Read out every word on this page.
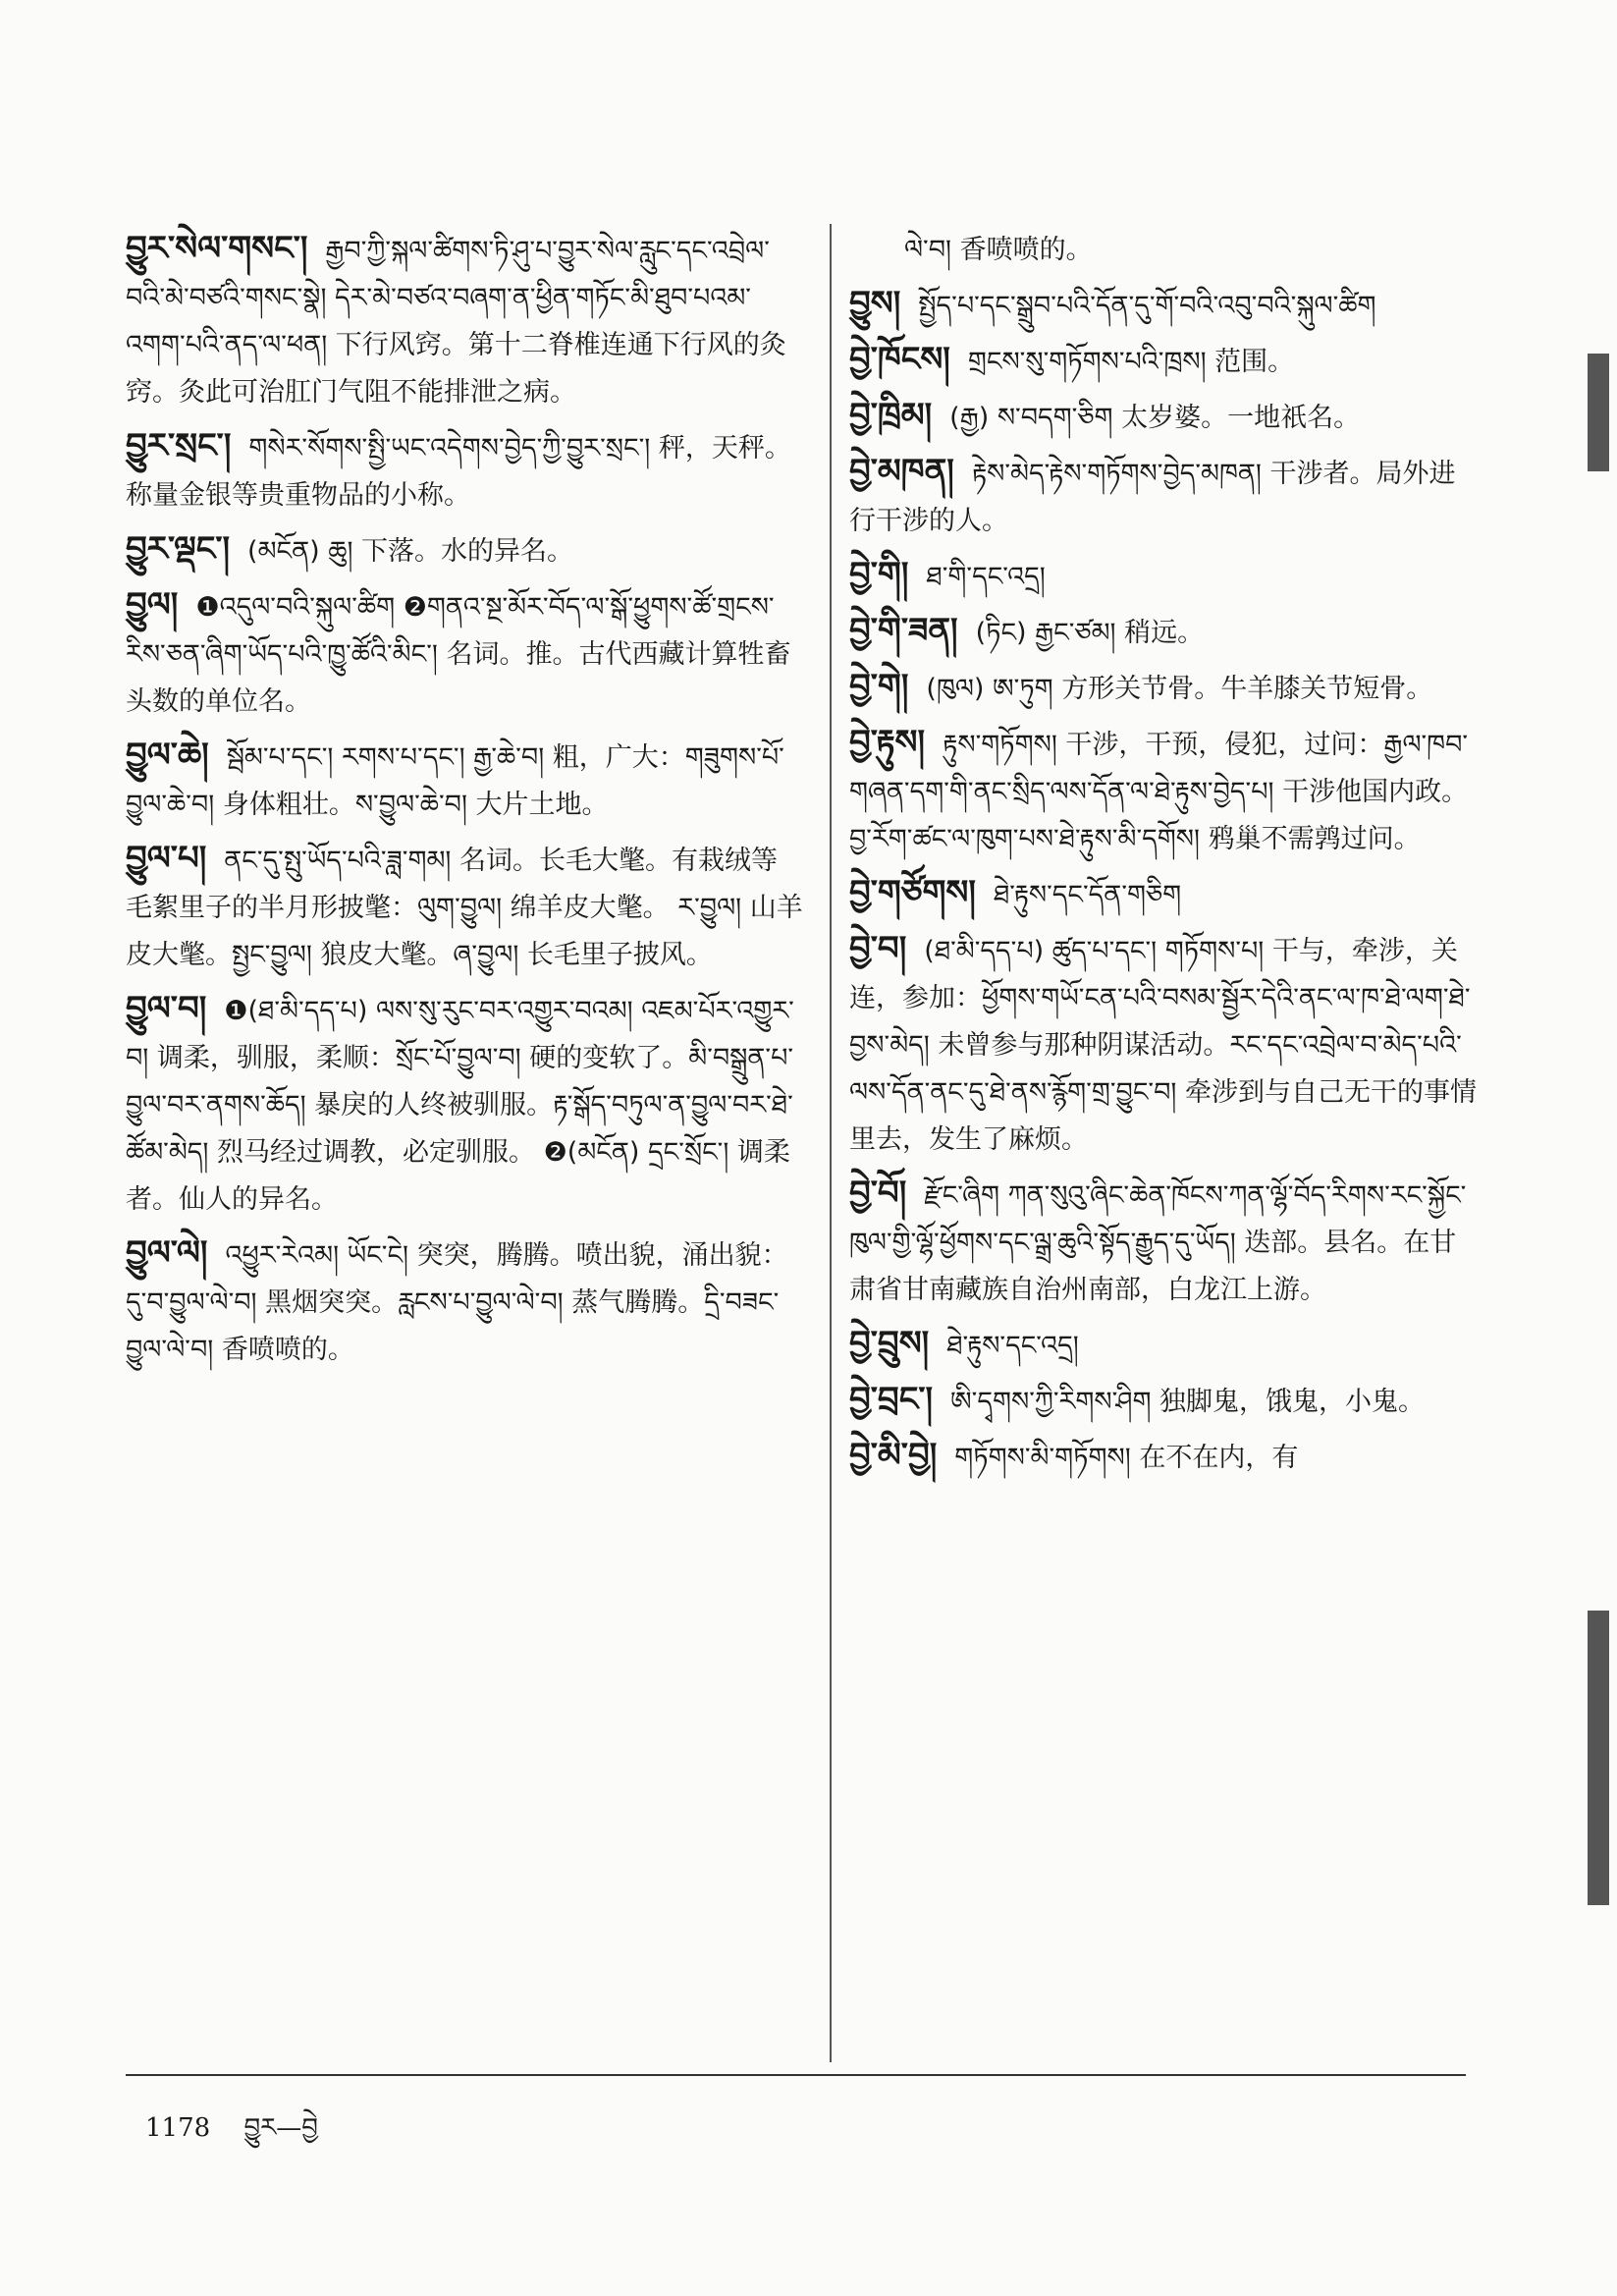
བྱུར་སེལ་གསང་། རྒྱབ་ཀྱི་སྐལ་ཚིགས་ཏི་ཤུ་པ་བྱུར་སེལ་རླུང་དང་འབྲེལ་བའི་མེ་བཙའི་གསང་སྣེ། དེར་མེ་བཙའ་བཞག་ན་ཕྱིན་གཏོང་མི་ཐུབ་པའམ་འགག་པའི་ནད་ལ་ཕན། 下行风窍。第十二脊椎连通下行风的灸窍。灸此可治肛门气阻不能排泄之病。
བྱུར་སྲང་། གསེར་སོགས་སྤྱི་ཡང་འདེགས་བྱེད་ཀྱི་བྱུར་སྲང་། 秤，天秤。称量金银等贵重物品的小称。
བྱུར་ལྡང་། (མངོན) ཆུ། 下落。水的异名。
བྱུལ། ❶འདུལ་བའི་སྐུལ་ཚིག ❷གནའ་སྔ་མོར་བོད་ལ་སྒོ་ཕྱུགས་ཚོ་གྲངས་རིས་ཅན་ཞིག་ཡོད་པའི་ཁྱུ་ཚོའི་མིང་། 名词。推。古代西藏计算牲畜头数的单位名。
བྱུལ་ཆེ། སྦོམ་པ་དང་། རགས་པ་དང་། རྒྱ་ཆེ་བ། 粗，广大：གཟུགས་པོ་བྱུལ་ཆེ་བ། 身体粗壮。ས་བྱུལ་ཆེ་བ། 大片土地。
བྱུལ་པ། ནང་དུ་སྤུ་ཡོད་པའི་ཟླ་གམ། 名词。长毛大氅。有栽绒等毛絮里子的半月形披氅：ལུག་བྱུལ། 绵羊皮大氅。 ར་བྱུལ། 山羊皮大氅。སྤྱང་བྱུལ། 狼皮大氅。ཞ་བྱུལ། 长毛里子披风。
བྱུལ་བ། ❶(ཐ་མི་དད་པ) ལས་སུ་རུང་བར་འགྱུར་བའམ། འཇམ་པོར་འགྱུར་བ། 调柔，驯服，柔顺：སྲོང་པོ་བྱུལ་བ། 硬的变软了。མི་བསྒྲུན་པ་བྱུལ་བར་ནགས་ཆོད། 暴戾的人终被驯服。རྟ་སྒོད་བཏུལ་ན་བྱུལ་བར་ཐེ་ཚོམ་མེད། 烈马经过调教，必定驯服。 ❷(མངོན) དྲང་སྲོང་། 调柔者。仙人的异名。
བྱུལ་ལེ། འཕྱུར་རེའམ། ཡོང་ངེ། 突突，腾腾。喷出貌，涌出貌：དུ་བ་བྱུལ་ལེ་བ། 黑烟突突。རླངས་པ་བྱུལ་ལེ་བ། 蒸气腾腾。དྲི་བཟང་བྱུལ་ལེ་བ། 香喷喷的。
ལེ་བ། 香喷喷的。
བྱུས། སྤྱོད་པ་དང་སྒྲུབ་པའི་དོན་དུ་གོ་བའི་འབུ་བའི་སྐུལ་ཚིག
བྱེ་ཁོངས། གྲངས་སུ་གཏོགས་པའི་ཁྲས། 范围。
བྱེ་ཁྲིམ། (རྒྱ) ས་བདག་ཅིག 太岁婆。一地祇名。
བྱེ་མཁན། རྟེས་མེད་རྟེས་གཏོགས་བྱེད་མཁན། 干涉者。局外进行干涉的人。
བྱེ་གི། ཐ་གི་དང་འདྲ།
བྱེ་གི་ཟན། (ཏིང) རྒྱང་ཙམ། 稍远。
བྱེ་གེ། (ཁུལ) ཨ་ཏུག 方形关节骨。牛羊膝关节短骨。
བྱེ་རྟུས། རྟུས་གཏོགས། 干涉，干预，侵犯，过问：རྒྱལ་ཁབ་གཞན་དག་གི་ནང་སྲིད་ལས་དོན་ལ་ཐེ་རྟུས་བྱེད་པ། 干涉他国内政。 བྱ་རོག་ཚང་ལ་ཁུག་པས་ཐེ་རྟུས་མི་དགོས། 鸦巢不需鹑过问。
བྱེ་གཙོགས། ཐེ་རྟུས་དང་དོན་གཅིག
བྱེ་བ། (ཐ་མི་དད་པ) ཚུད་པ་དང་། གཏོགས་པ། 干与，牵涉，关连，参加：ཕྱོགས་གཡོ་ངན་པའི་བསམ་སྦྱོར་དེའི་ནང་ལ་ཁ་ཐེ་ལག་ཐེ་བྱས་མེད། 未曾参与那种阴谋活动。རང་དང་འབྲེལ་བ་མེད་པའི་ལས་དོན་ནང་དུ་ཐེ་ནས་རྙོག་གྲ་བྱུང་བ། 牵涉到与自己无干的事情里去，发生了麻烦。
བྱེ་བོ། རྫོང་ཞིག ཀན་སུའུ་ཞིང་ཆེན་ཁོངས་ཀན་ལྷོ་བོད་རིགས་རང་སྐྱོང་ཁུལ་གྱི་ལྷོ་ཕྱོགས་དང་ལྒྲ་ཆུའི་སྟོད་རྒྱུད་དུ་ཡོད། 迭部。县名。在甘肃省甘南藏族自治州南部，白龙江上游。
བྱེ་བྲུས། ཐེ་རྟུས་དང་འདྲ།
བྱེ་བྲང་། ཨི་དྭགས་ཀྱི་རིགས་ཤིག 独脚鬼，饿鬼，小鬼。
བྱེ་མི་བྱེ། གཏོགས་མི་གཏོགས། 在不在内，有
1178 བྱུར—བྱེ
